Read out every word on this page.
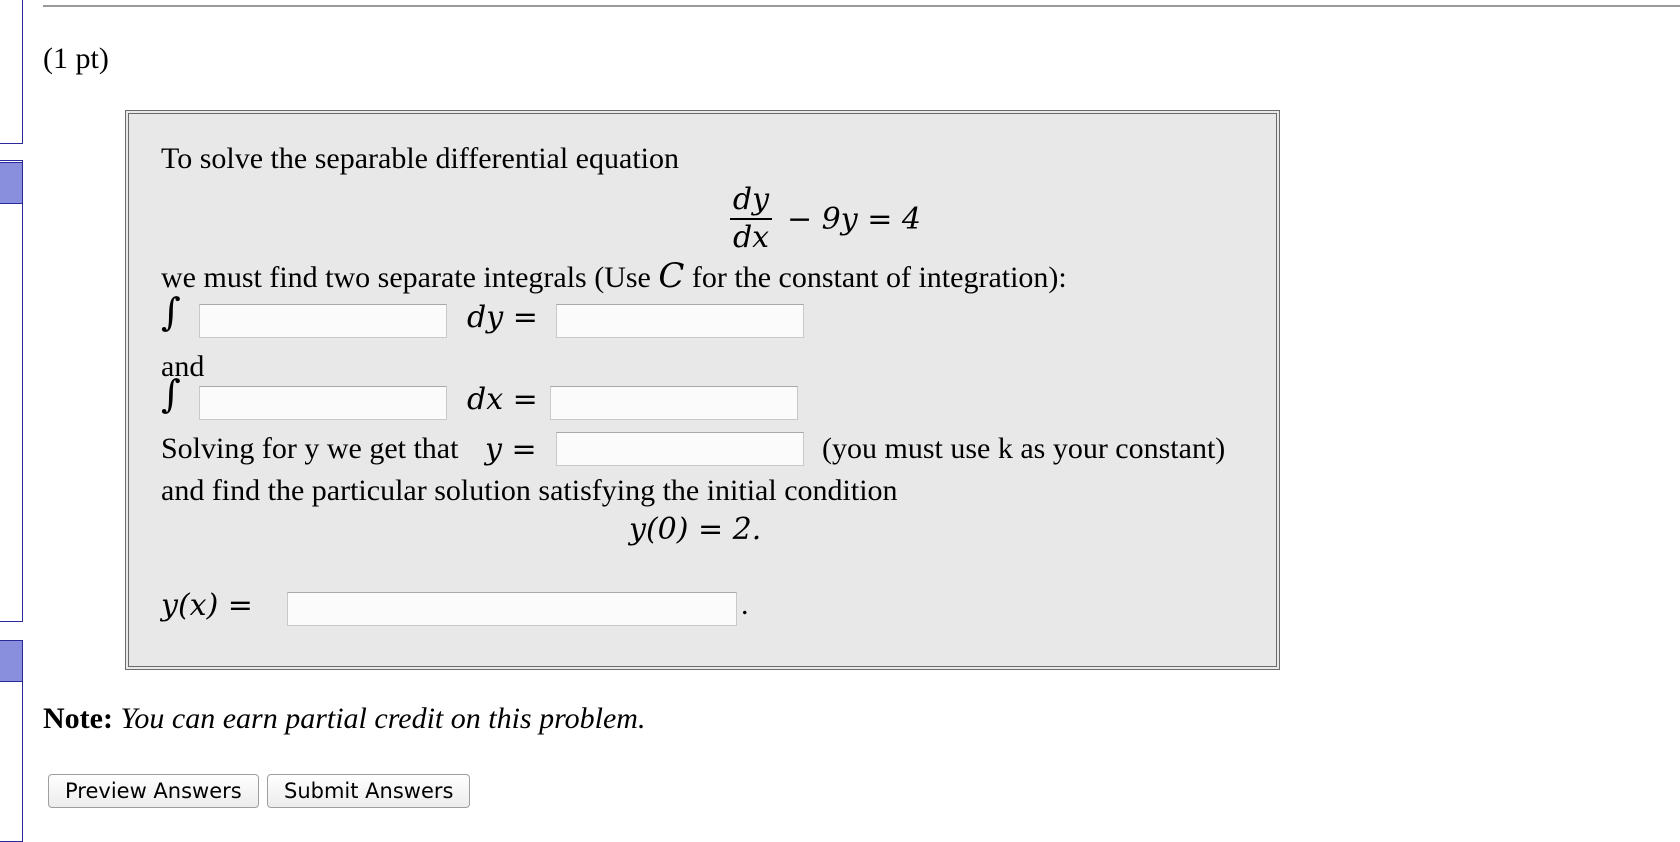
(1 pt)
To solve the separable differential equation
dy
dx
− 9y = 4
we must find two separate integrals (Use C for the constant of integration):
∫	dy =
and
∫	dx =
Solving for y we get that y =	(you must use k as your constant)
and find the particular solution satisfying the initial condition
y(0) = 2.
y(x) =	.
Note: You can earn partial credit on this problem.
Preview Answers	Submit Answers
